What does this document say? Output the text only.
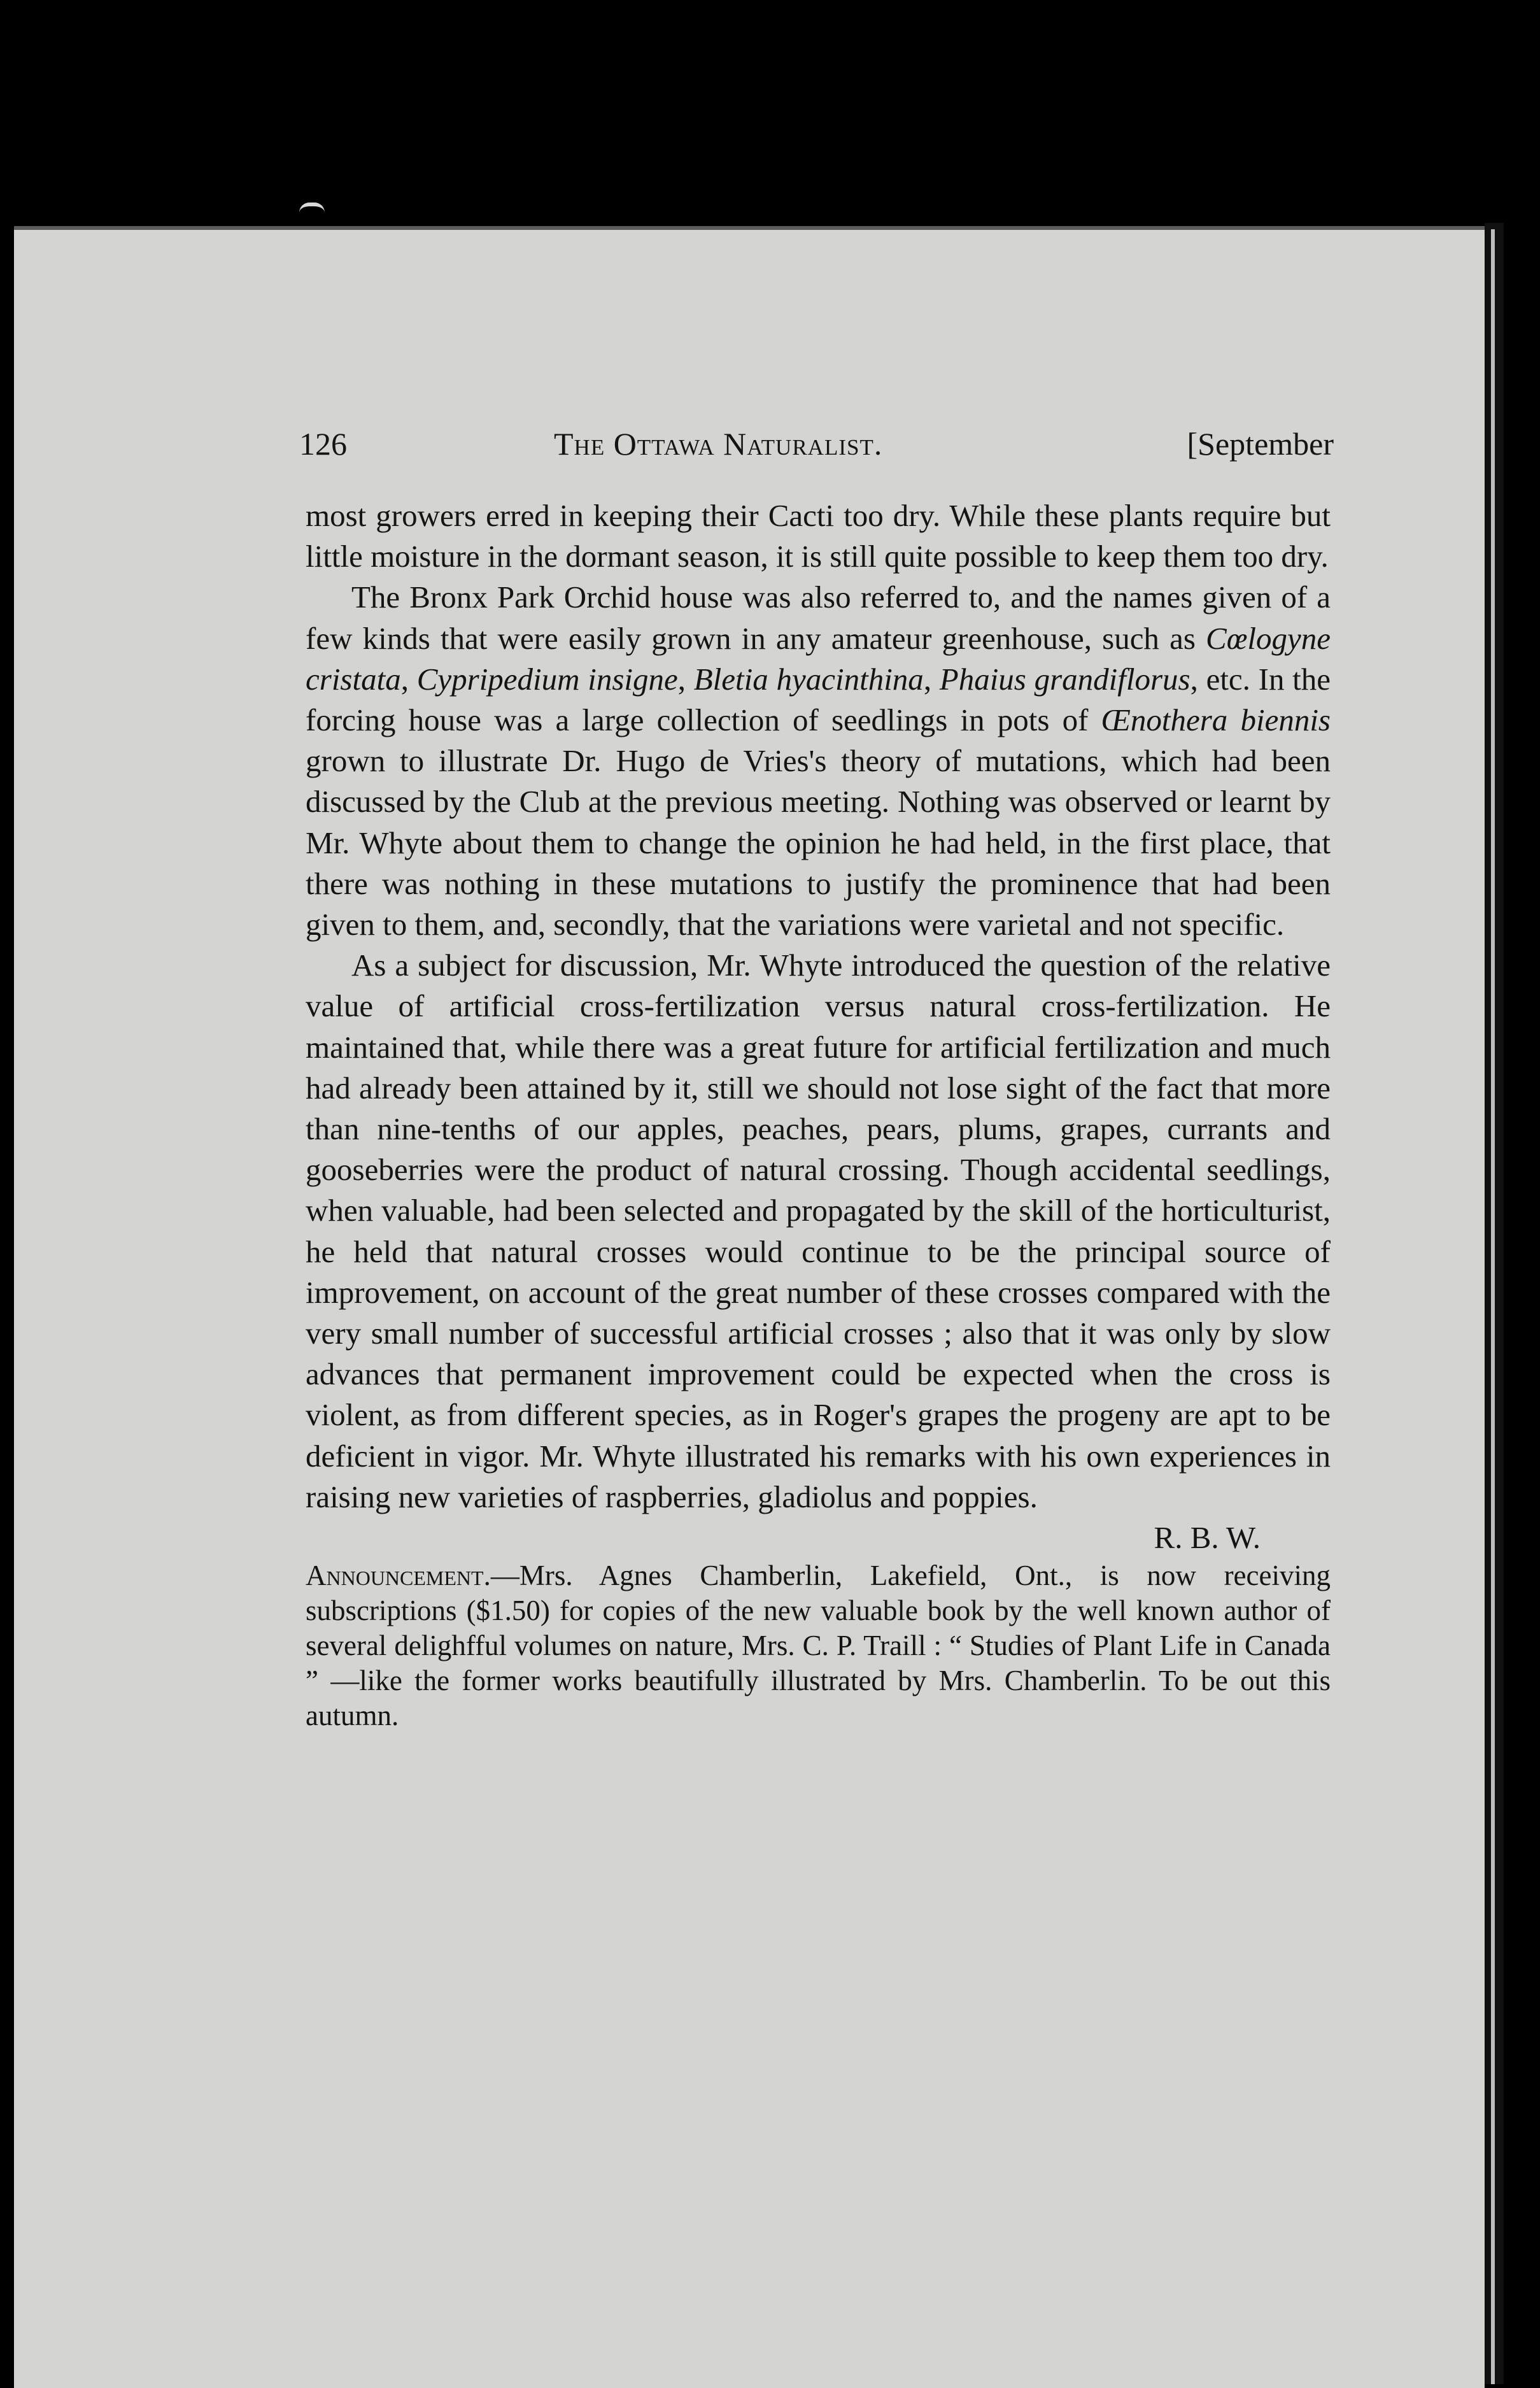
126	The Ottawa Naturalist.	[September

most growers erred in keeping their Cacti too dry. While these plants require but little moisture in the dormant season, it is still quite possible to keep them too dry.

The Bronx Park Orchid house was also referred to, and the names given of a few kinds that were easily grown in any amateur greenhouse, such as Cœlogyne cristata, Cypripedium insigne, Bletia hyacinthina, Phaius grandiflorus, etc. In the forcing house was a large collection of seedlings in pots of Œnothera biennis grown to illustrate Dr. Hugo de Vries's theory of mutations, which had been discussed by the Club at the previous meeting. Nothing was observed or learnt by Mr. Whyte about them to change the opinion he had held, in the first place, that there was nothing in these mutations to justify the prominence that had been given to them, and, secondly, that the variations were varietal and not specific.

As a subject for discussion, Mr. Whyte introduced the question of the relative value of artificial cross-fertilization versus natural cross-fertilization. He maintained that, while there was a great future for artificial fertilization and much had already been attained by it, still we should not lose sight of the fact that more than nine-tenths of our apples, peaches, pears, plums, grapes, currants and gooseberries were the product of natural crossing. Though accidental seedlings, when valuable, had been selected and propagated by the skill of the horticulturist, he held that natural crosses would continue to be the principal source of improvement, on account of the great number of these crosses compared with the very small number of successful artificial crosses ; also that it was only by slow advances that permanent improvement could be expected when the cross is violent, as from different species, as in Roger's grapes the progeny are apt to be deficient in vigor. Mr. Whyte illustrated his remarks with his own experiences in raising new varieties of raspberries, gladiolus and poppies.

R. B. W.

Announcement.—Mrs. Agnes Chamberlin, Lakefield, Ont., is now receiving subscriptions ($1.50) for copies of the new valuable book by the well known author of several delighfful volumes on nature, Mrs. C. P. Traill : “ Studies of Plant Life in Canada ” —like the former works beautifully illustrated by Mrs. Chamberlin. To be out this autumn.
